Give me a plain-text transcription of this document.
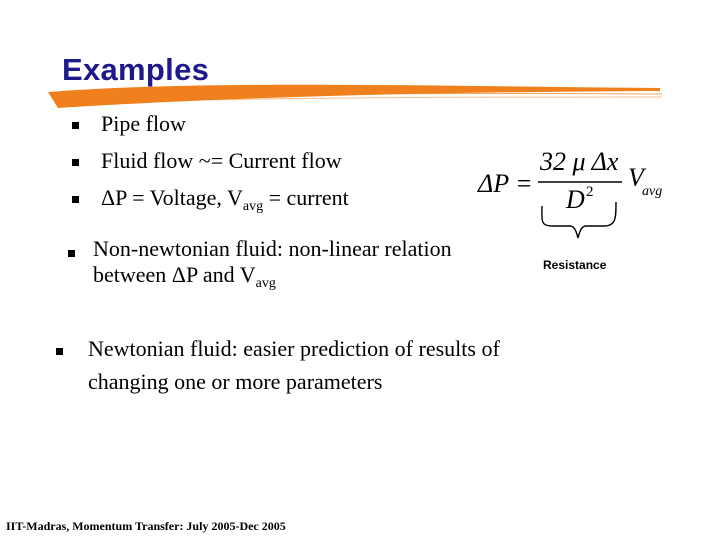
Examples
Pipe flow
Fluid flow ~= Current flow
ΔP = Voltage, $V_{avg}$ = current
Non-newtonian fluid: non-linear relation
between ΔP and $V_{avg}$
Newtonian fluid: easier prediction of results of
changing one or more parameters
ΔP =
32 μ Δx
D 2 V
avg
Resistance
IIT-Madras, Momentum Transfer: July 2005-Dec 2005
